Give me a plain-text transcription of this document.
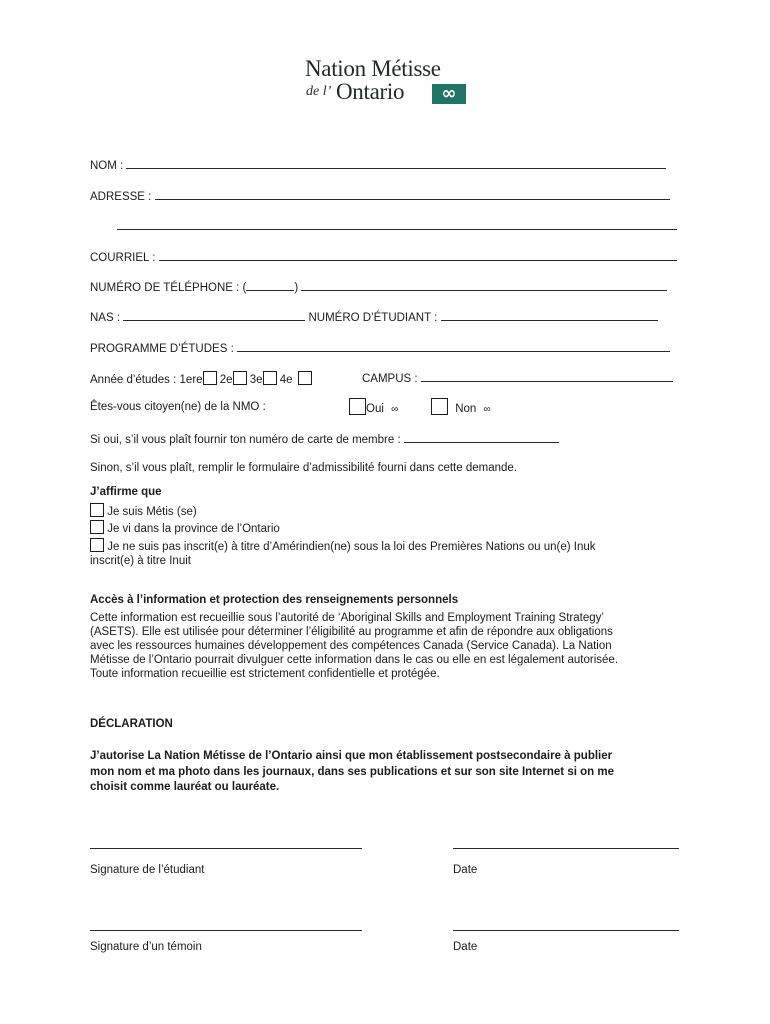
Nation Métisse
de l’ Ontario	∞
NOM :
ADRESSE :
COURRIEL :
NUMÉRO DE TÉLÉPHONE : (	)
NAS :	NUMÉRO D’ÉTUDIANT :
PROGRAMME D’ÉTUDES :
Année d’études : 1ere 2e 3e 4e	CAMPUS :
Êtes-vous citoyen(ne) de la NMO :	Oui ∞	Non ∞
Si oui, s’il vous plaît fournir ton numéro de carte de membre :
Sinon, s’il vous plaît, remplir le formulaire d’admissibilité fourni dans cette demande.
J’affirme que
Je suis Métis (se)
Je vi dans la province de l’Ontario
Je ne suis pas inscrit(e) à titre d’Amérindien(ne) sous la loi des Premières Nations ou un(e) Inuk
inscrit(e) à titre Inuit
Accès à l’information et protection des renseignements personnels
Cette information est recueillie sous l’autorité de ‘Aboriginal Skills and Employment Training Strategy’
(ASETS). Elle est utilisée pour déterminer l’éligibilité au programme et afin de répondre aux obligations
avec les ressources humaines développement des compétences Canada (Service Canada). La Nation
Métisse de l’Ontario pourrait divulguer cette information dans le cas ou elle en est légalement autorisée.
Toute information recueillie est strictement confidentielle et protégée.
DÉCLARATION
J’autorise La Nation Métisse de l’Ontario ainsi que mon établissement postsecondaire à publier
mon nom et ma photo dans les journaux, dans ses publications et sur son site Internet si on me
choisit comme lauréat ou lauréate.
Signature de l’étudiant	Date
Signature d’un témoin	Date
